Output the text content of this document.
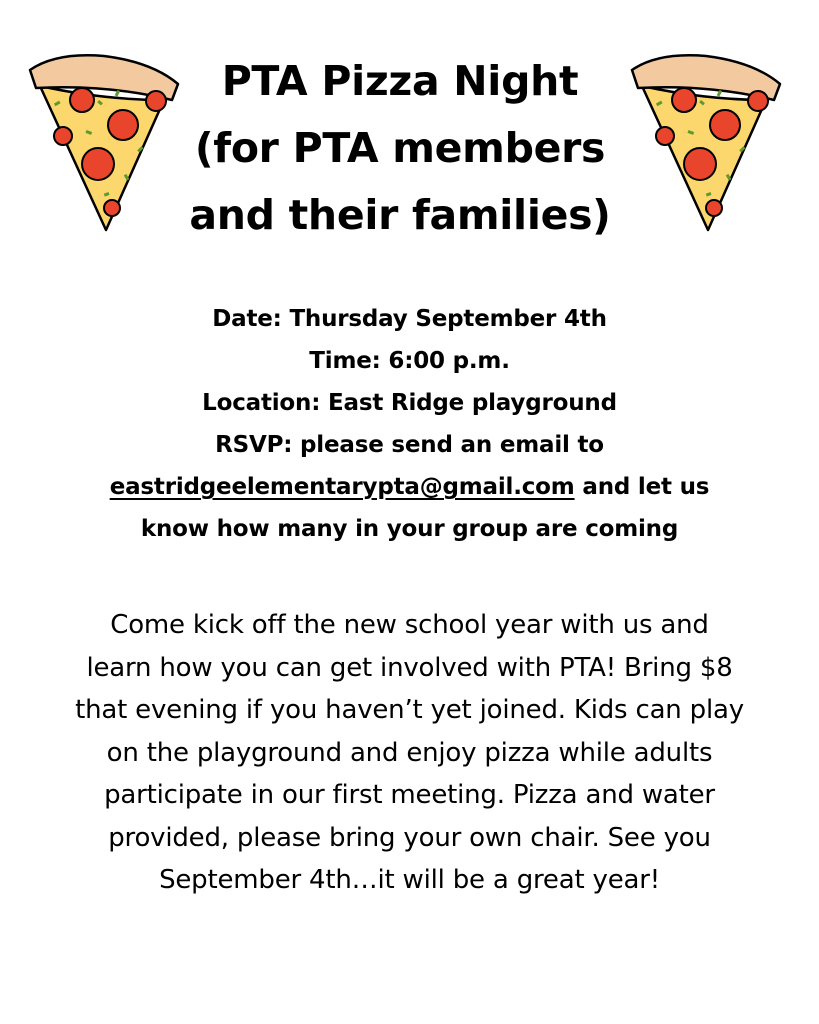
PTA Pizza Night
(for PTA members
and their families)
Date: Thursday September 4th
Time: 6:00 p.m.
Location: East Ridge playground
RSVP: please send an email to
eastridgeelementarypta@gmail.com and let us
know how many in your group are coming
Come kick off the new school year with us and
learn how you can get involved with PTA! Bring $8
that evening if you haven’t yet joined. Kids can play
on the playground and enjoy pizza while adults
participate in our first meeting. Pizza and water
provided, please bring your own chair. See you
September 4th…it will be a great year!
